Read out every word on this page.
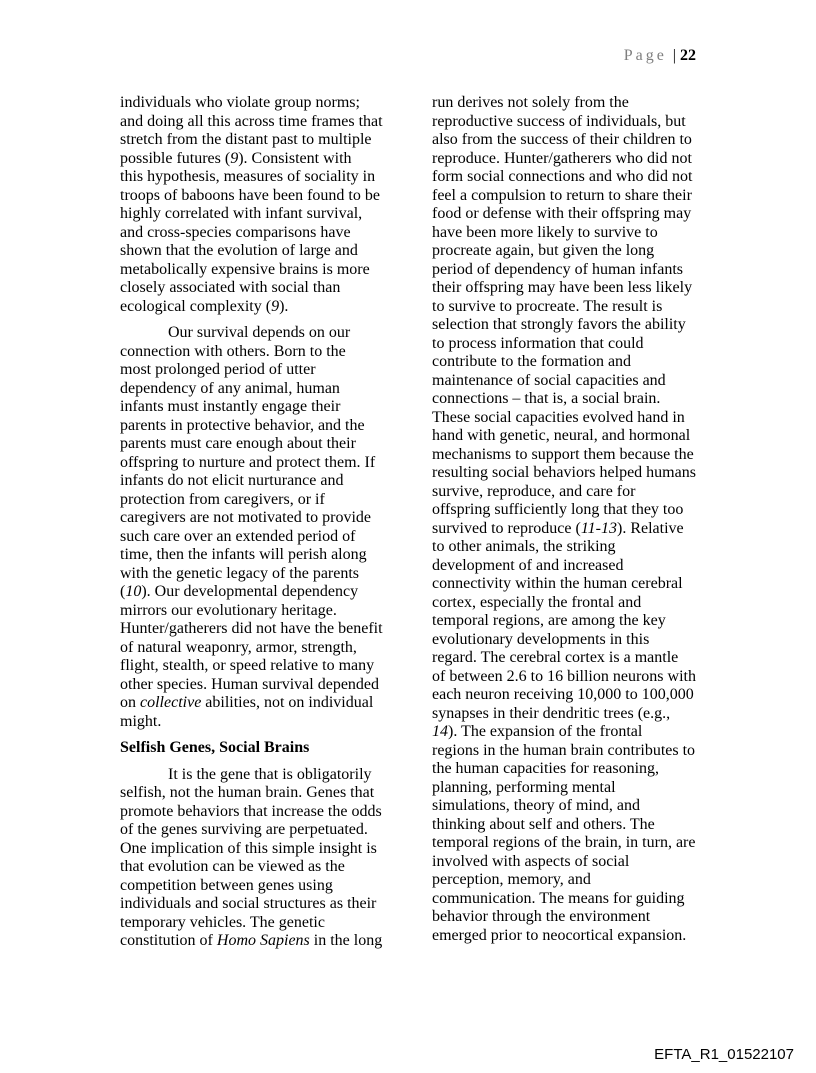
Page | 22
individuals who violate group norms;
and doing all this across time frames that
stretch from the distant past to multiple
possible futures (9). Consistent with
this hypothesis, measures of sociality in
troops of baboons have been found to be
highly correlated with infant survival,
and cross-species comparisons have
shown that the evolution of large and
metabolically expensive brains is more
closely associated with social than
ecological complexity (9).
Our survival depends on our
connection with others. Born to the
most prolonged period of utter
dependency of any animal, human
infants must instantly engage their
parents in protective behavior, and the
parents must care enough about their
offspring to nurture and protect them. If
infants do not elicit nurturance and
protection from caregivers, or if
caregivers are not motivated to provide
such care over an extended period of
time, then the infants will perish along
with the genetic legacy of the parents
(10). Our developmental dependency
mirrors our evolutionary heritage.
Hunter/gatherers did not have the benefit
of natural weaponry, armor, strength,
flight, stealth, or speed relative to many
other species. Human survival depended
on collective abilities, not on individual
might.
Selfish Genes, Social Brains
It is the gene that is obligatorily
selfish, not the human brain. Genes that
promote behaviors that increase the odds
of the genes surviving are perpetuated.
One implication of this simple insight is
that evolution can be viewed as the
competition between genes using
individuals and social structures as their
temporary vehicles. The genetic
constitution of Homo Sapiens in the long
run derives not solely from the
reproductive success of individuals, but
also from the success of their children to
reproduce. Hunter/gatherers who did not
form social connections and who did not
feel a compulsion to return to share their
food or defense with their offspring may
have been more likely to survive to
procreate again, but given the long
period of dependency of human infants
their offspring may have been less likely
to survive to procreate. The result is
selection that strongly favors the ability
to process information that could
contribute to the formation and
maintenance of social capacities and
connections – that is, a social brain.
These social capacities evolved hand in
hand with genetic, neural, and hormonal
mechanisms to support them because the
resulting social behaviors helped humans
survive, reproduce, and care for
offspring sufficiently long that they too
survived to reproduce (11-13). Relative
to other animals, the striking
development of and increased
connectivity within the human cerebral
cortex, especially the frontal and
temporal regions, are among the key
evolutionary developments in this
regard. The cerebral cortex is a mantle
of between 2.6 to 16 billion neurons with
each neuron receiving 10,000 to 100,000
synapses in their dendritic trees (e.g.,
14). The expansion of the frontal
regions in the human brain contributes to
the human capacities for reasoning,
planning, performing mental
simulations, theory of mind, and
thinking about self and others. The
temporal regions of the brain, in turn, are
involved with aspects of social
perception, memory, and
communication. The means for guiding
behavior through the environment
emerged prior to neocortical expansion.
EFTA_R1_01522107
